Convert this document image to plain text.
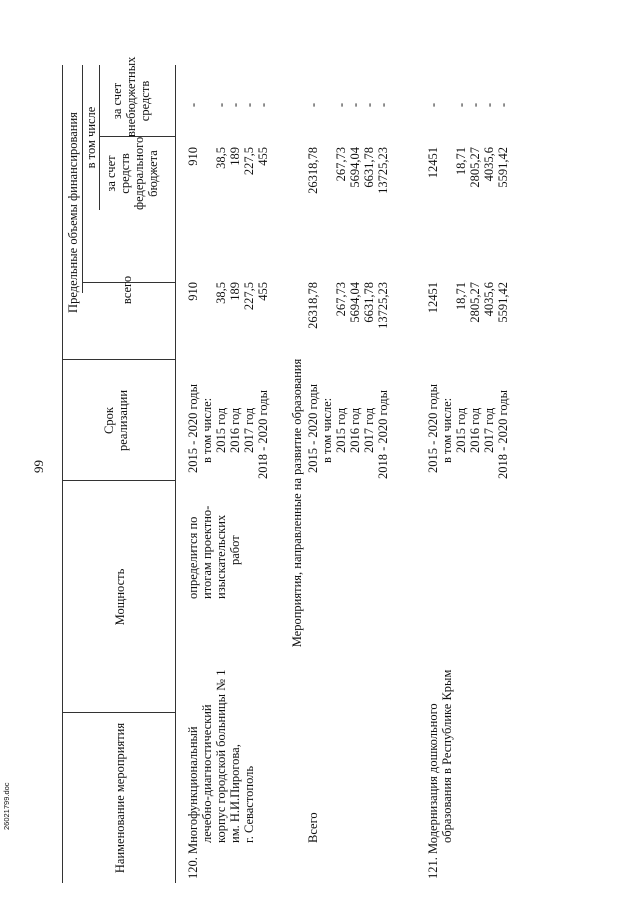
26021799.doc
99
Наименование мероприятия
Мощность
Срок реализации
Предельные объемы финансирования	всего
в том числе
за счет средств федерального бюджета
за счет внебюджетных средств
120. Многофункциональный лечебно-диагностический корпус городской больницы № 1 им. Н.И.Пирогова, г. Севастополь
определится по итогам проектно- изыскательских работ
2015 - 2020 годы в том числе: 2015 год 2016 год 2017 год 2018 - 2020 годы
910 38,5 189 227,5 455
910 38,5 189 227,5 455
- - - - -
Мероприятия, направленные на развитие образования
Всего
2015 - 2020 годы в том числе: 2015 год 2016 год 2017 год 2018 - 2020 годы
26318,78 267,73 5694,04 6631,78 13725,23
26318,78 267,73 5694,04 6631,78 13725,23
- - - - -
121. Модернизация дошкольного образования в Республике Крым
2015 - 2020 годы в том числе: 2015 год 2016 год 2017 год 2018 - 2020 годы
12451 18,71 2805,27 4035,6 5591,42
12451 18,71 2805,27 4035,6 5591,42
- - - - -
